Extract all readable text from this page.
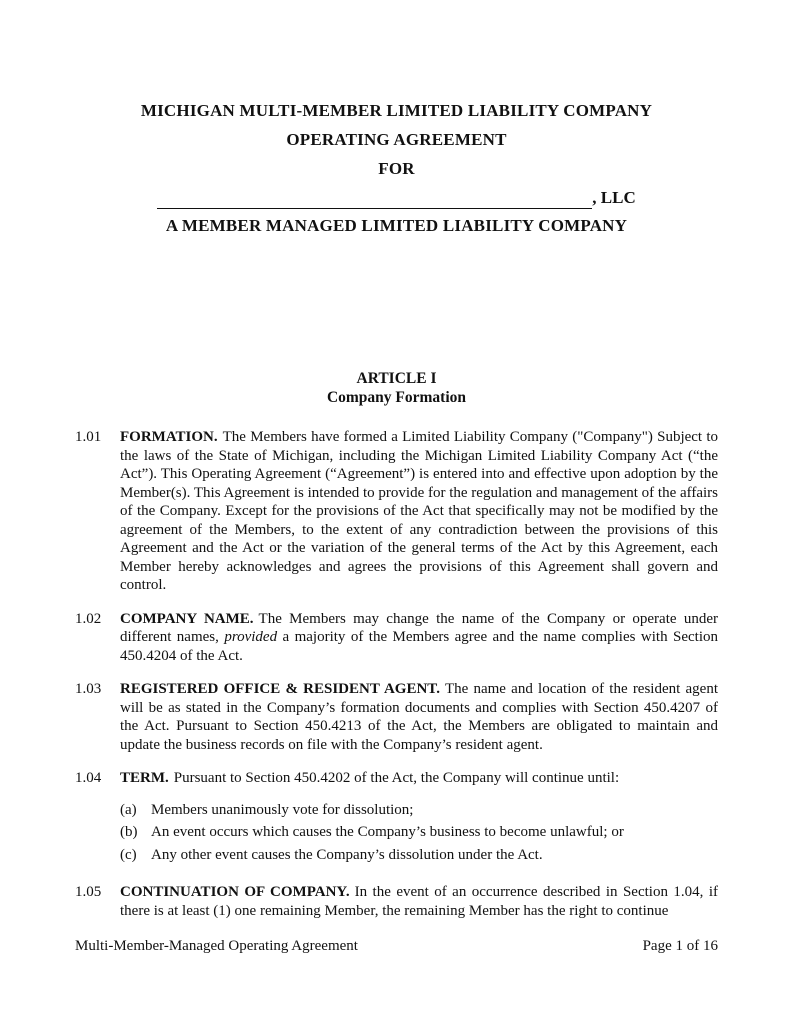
MICHIGAN MULTI-MEMBER LIMITED LIABILITY COMPANY
OPERATING AGREEMENT
FOR
, LLC
A MEMBER MANAGED LIMITED LIABILITY COMPANY
ARTICLE I
Company Formation
1.01	FORMATION. The Members have formed a Limited Liability Company ("Company") Subject to the laws of the State of Michigan, including the Michigan Limited Liability Company Act (“the Act”). This Operating Agreement (“Agreement”) is entered into and effective upon adoption by the Member(s). This Agreement is intended to provide for the regulation and management of the affairs of the Company. Except for the provisions of the Act that specifically may not be modified by the agreement of the Members, to the extent of any contradiction between the provisions of this Agreement and the Act or the variation of the general terms of the Act by this Agreement, each Member hereby acknowledges and agrees the provisions of this Agreement shall govern and control.
1.02	COMPANY NAME. The Members may change the name of the Company or operate under different names, provided a majority of the Members agree and the name complies with Section 450.4204 of the Act.
1.03	REGISTERED OFFICE & RESIDENT AGENT. The name and location of the resident agent will be as stated in the Company’s formation documents and complies with Section 450.4207 of the Act. Pursuant to Section 450.4213 of the Act, the Members are obligated to maintain and update the business records on file with the Company’s resident agent.
1.04	TERM. Pursuant to Section 450.4202 of the Act, the Company will continue until:
(a) Members unanimously vote for dissolution;
(b) An event occurs which causes the Company’s business to become unlawful; or
(c) Any other event causes the Company’s dissolution under the Act.
1.05	CONTINUATION OF COMPANY. In the event of an occurrence described in Section 1.04, if there is at least (1) one remaining Member, the remaining Member has the right to continue
Multi-Member-Managed Operating Agreement	Page 1 of 16
